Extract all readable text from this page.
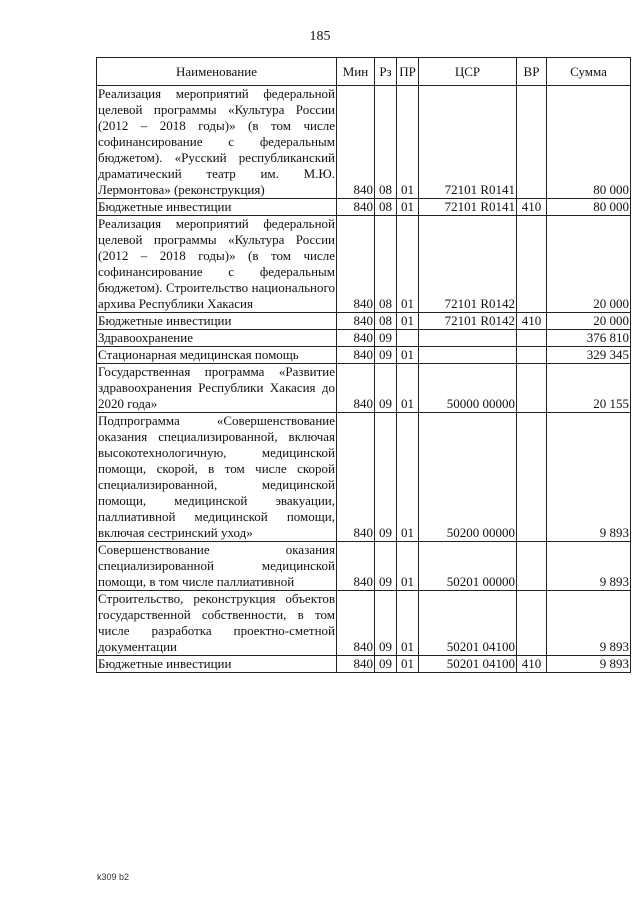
185
Наименование	Мин	Рз	ПР	ЦСР	ВР	Сумма
Реализация мероприятий федеральной целевой программы «Культура России (2012 – 2018 годы)» (в том числе софинансирование с федеральным бюджетом). «Русский республиканский драматический театр им. М.Ю. Лермонтова» (реконструкция)	840	08	01	72101 R0141		80 000
Бюджетные инвестиции	840	08	01	72101 R0141	410	80 000
Реализация мероприятий федеральной целевой программы «Культура России (2012 – 2018 годы)» (в том числе софинансирование с федеральным бюджетом). Строительство национального архива Республики Хакасия	840	08	01	72101 R0142		20 000
Бюджетные инвестиции	840	08	01	72101 R0142	410	20 000
Здравоохранение	840	09				376 810
Стационарная медицинская помощь	840	09	01			329 345
Государственная программа «Развитие здравоохранения Республики Хакасия до 2020 года»	840	09	01	50000 00000		20 155
Подпрограмма «Совершенствование оказания специализированной, включая высокотехнологичную, медицинской помощи, скорой, в том числе скорой специализированной, медицинской помощи, медицинской эвакуации, паллиативной медицинской помощи, включая сестринский уход»	840	09	01	50200 00000		9 893
Совершенствование оказания специализированной медицинской помощи, в том числе паллиативной	840	09	01	50201 00000		9 893
Строительство, реконструкция объектов государственной собственности, в том числе разработка проектно-сметной документации	840	09	01	50201 04100		9 893
Бюджетные инвестиции	840	09	01	50201 04100	410	9 893
k309 b2
